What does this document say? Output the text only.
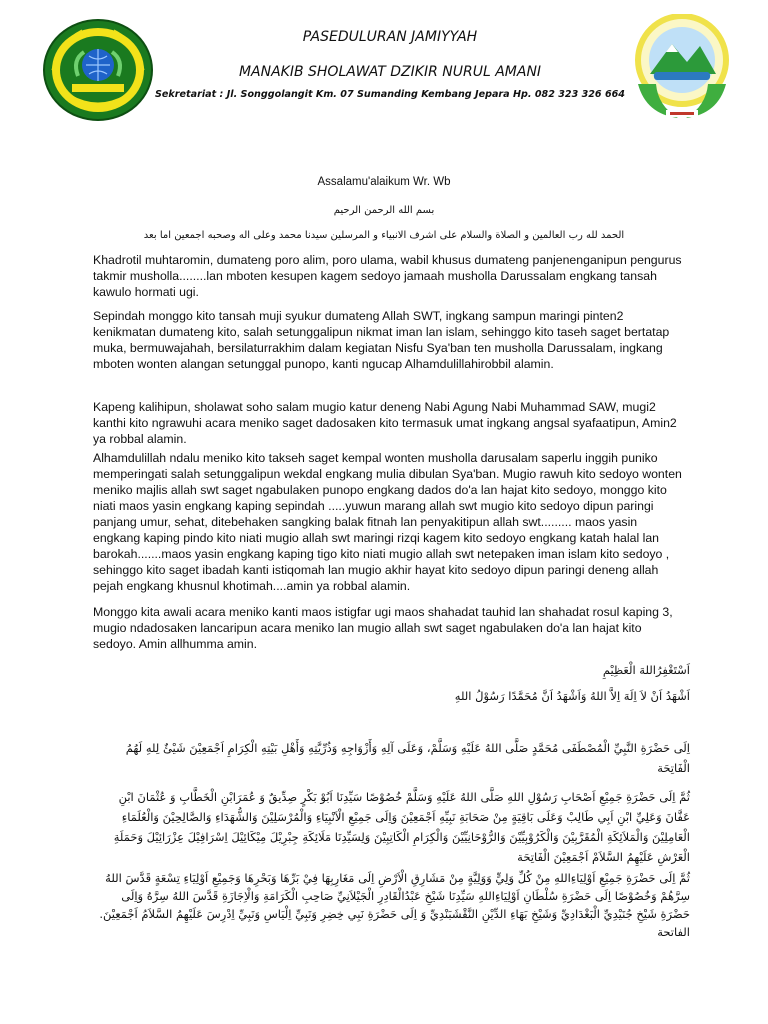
PASEDULURAN JAMIYYAH
MANAKIB SHOLAWAT DZIKIR NURUL AMANI
Sekretariat : Jl. Songgolangit Km. 07 Sumanding Kembang Jepara Hp. 082 323 326 664
Assalamu'alaikum Wr. Wb
بسم الله الرحمن الرحيم
الحمد لله رب العالمين و الصلاة والسلام على اشرف الانبياء و المرسلين سيدنا محمد وعلى اله وصحبه اجمعين اما بعد

Khadrotil muhtaromin, dumateng poro alim, poro ulama, wabil khusus dumateng panjenenganipun pengurus takmir musholla........lan mboten kesupen kagem sedoyo jamaah musholla Darussalam engkang tansah kawulo hormati ugi.

Sepindah monggo kito tansah muji syukur dumateng Allah SWT, ingkang sampun maringi pinten2 kenikmatan dumateng kito, salah setunggalipun nikmat iman lan islam, sehinggo kito taseh saget bertatap muka, bermuwajahah, bersilaturrakhim dalam kegiatan Nisfu Sya'ban ten musholla Darussalam, ingkang mboten wonten alangan setunggal punopo, kanti ngucap Alhamdulillahirobbil alamin.

Kapeng kalihipun, sholawat soho salam mugio katur deneng Nabi Agung Nabi Muhammad SAW, mugi2 kanthi kito ngrawuhi acara meniko saget dadosaken kito termasuk umat ingkang angsal syafaatipun, Amin2 ya robbal alamin.

Alhamdulillah ndalu meniko kito takseh saget kempal wonten musholla darusalam saperlu inggih puniko memperingati salah setunggalipun wekdal engkang mulia dibulan Sya'ban. Mugio rawuh kito sedoyo wonten meniko majlis allah swt saget ngabulaken punopo engkang dados do'a lan hajat kito sedoyo, monggo kito niati maos yasin engkang kaping sepindah .....yuwun marang allah swt mugio kito sedoyo dipun paringi panjang umur, sehat, ditebehaken sangking balak fitnah lan penyakitipun allah swt......... maos yasin engkang kaping pindo kito niati mugio allah swt maringi rizqi kagem kito sedoyo engkang katah halal lan barokah.......maos yasin engkang kaping tigo kito niati mugio allah swt netepaken iman islam kito sedoyo , sehinggo kito saget ibadah kanti istiqomah lan mugio akhir hayat kito sedoyo dipun paringi deneng allah pejah engkang khusnul khotimah....amin ya robbal alamin.

Monggo kita awali acara meniko kanti maos istigfar ugi maos shahadat tauhid lan shahadat rosul kaping 3, mugio ndadosaken lancaripun acara meniko lan mugio allah swt saget ngabulaken do'a lan hajat kito sedoyo. Amin allhumma amin.

اَسْتَغْفِرُاللهَ الْعَظِيْمِ
اَشْهَدُ اَنْ لاَ اِلَهَ اِلاَّ اللهُ وَاَشْهَدُ اَنَّ مُحَمَّدًا رَسُوْلُ اللهِ
اِلَى حَضْرَةِ النَّبِيِّ الْمُصْطَفَى مُحَمَّدٍ صَلَّى اللهُ عَلَيْهِ وَسَلَّمْ، وَعَلَى آلِهِ وَأَزْوَاجِهِ وَذُرِّيَّتِهِ وَأَهْلِ بَيْتِهِ الْكِرَامِ اَجْمَعِيْنَ شَيْئٌ لِلهِ لَهُمُ الْفَاتِحَة
ثُمَّ اِلَى حَضْرَةِ جَمِيْعِ اَصْحَابِ رَسُوْلِ اللهِ صَلَّى اللهُ عَلَيْهِ وَسَلَّمْ خُصُوْصًا سَيِّدِنَا اَبُوْ بَكْرٍ صِدِّيقٌ وَ عُمَرَابْنِ الْخَطَّابِ وَ عُثْمَانَ ابْنِ عَفَّانَ وَعَلِيِّ ابْنِ اَبِي طَالِبْ وَعَلَى بَاقِيَةٍ مِنْ صَحَابَةِ نَبِيِّهِ اَجْمَعِيْنَ وَاِلَى جَمِيْعِ الْاَنْبِيَاءِ وَالْمُرْسَلِيْنَ وَالشُّهَدَاءِ وَالصَّالِحِيْنَ وَالْعُلَمَاءِ الْعَامِلِيْنَ وَالْمَلاَئِكَةِ الْمُقَرَّبِيْنَ وَالْكَرُوْبِيِّيْنَ وَالرُّوْحَانِيِّيْنَ وَالْكِرَامِ الْكَاتِبِيْنَ وَلِسَيِّدِنَا مَلَائِكَةِ جِبْرِيْلَ مِيْكَائِيْلَ اِسْرَافِيْلَ عِزْرَائِيْلَ وَحَمَلَةِ الْعَرْشِ عَلَيْهِمُ السَّلاَمْ اَجْمَعِيْنَ الْفَاتِحَة
ثُمَّ اِلَى حَضْرَةِ جَمِيْعِ اَوْلِيَاءِاللهِ مِنْ كُلِّ وَلِيٍّ وَوَلِيَّةٍ مِنْ مَشَارِقِ الْاَرْضِ اِلَى مَغَارِبِهَا فِيْ بَرِّهَا وَبَحْرِهَا وَجَمِيْعِ اَوْلِيَاءِ تِسْعَةٍ قَدَّسَ اللهُ سِرَّهُمْ وَخُصُوْصًا اِلَى حَضْرَةِ سُلْطَانِ اَوْلِيَاءِاللهِ سَيِّدِنَا شَيْخِ عَبْدُالْقَادِرِ الْجَيْلاَنِيِّ صَاحِبِ الْكَرَامَةِ وَالْاِجَازَةِ قَدَّسَ اللهُ سِرَّهُ وَاِلَى حَضْرَةِ شَيْخِ جُنَيْدِيِّ الْبَغْدَادِيِّ وَشَيْخِ بَهَاءِ الدِّيْنِ النَّقْشَبَنْدِيِّ وَ اِلَى حَضْرَةِ نَبِي خِضِرِ وَنَبِيِّ اِلْيَاسِ وَنَبِيِّ اِدْرِسَ عَلَيْهِمُ السَّلاَمُ اَجْمَعِيْنَ. الفاتحة
